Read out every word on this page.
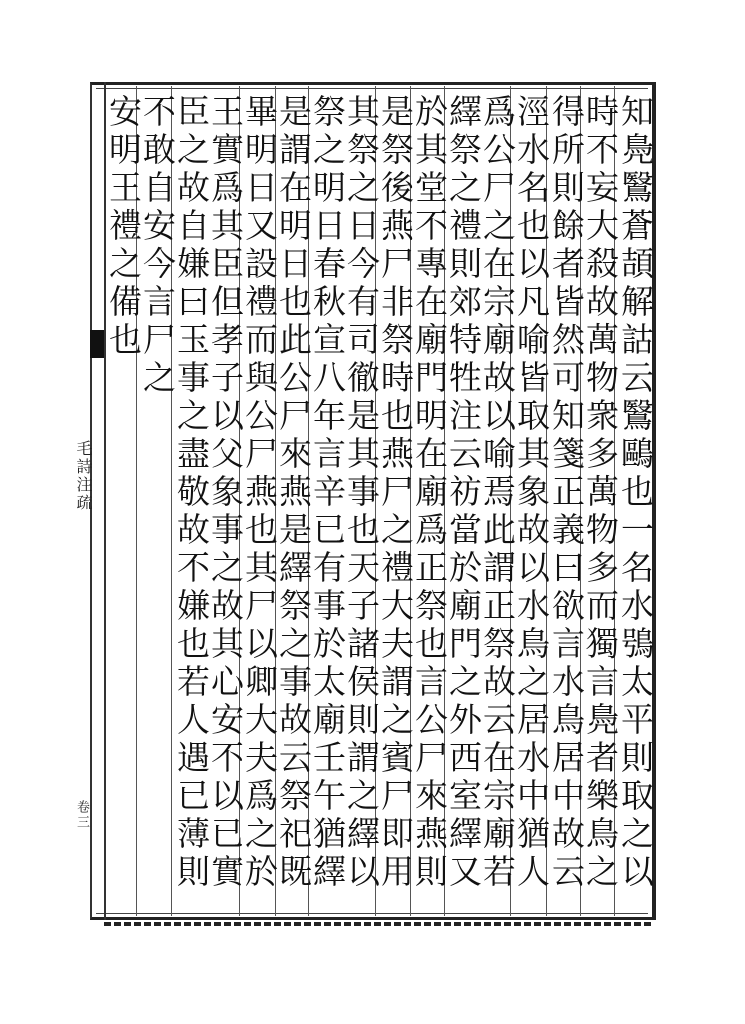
毛詩注疏
卷三	知鳧鷖蒼頡解詁云鷖鷗也一名水鴞太平則取之以
時不妄大殺故萬物衆多萬物多而獨言鳧者樂鳥之
得所則餘者皆然可知箋正義曰欲言水鳥居中故云
涇水名也以凡喻皆取其象故以水鳥之居水中猶人
爲公尸之在宗廟故以喻焉此謂正祭故云在宗廟若
繹祭之禮則郊特牲注云祊當於廟門之外西室繹又
於其堂不專在廟門明在廟爲正祭也言公尸來燕則
是祭後燕尸非祭時也燕尸之禮大夫謂之賓尸即用
其祭之日今有司徹是其事也天子諸侯則謂之繹以
祭之明日春秋宣八年言辛已有事於太廟壬午猶繹
是謂在明日也此公尸來燕是繹祭之事故云祭祀既
畢明日又設禮而與公尸燕也其尸以卿大夫爲之於
王實爲其臣但孝子以父象事之故其心安不以已實
臣之故自嫌曰玉事之盡敬故不嫌也若人遇已薄則
不敢自安今言尸之
安明王禮之備也
